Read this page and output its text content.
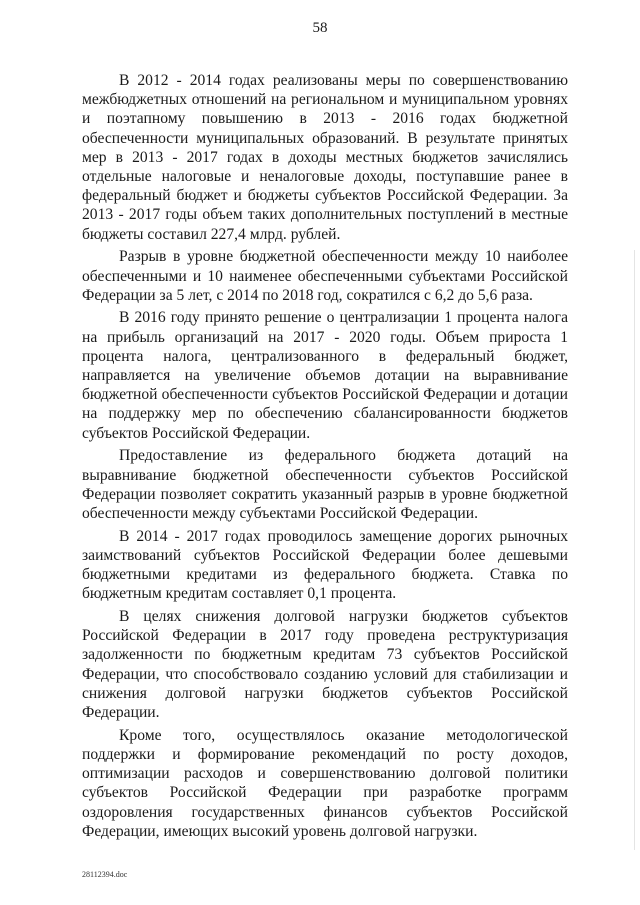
58

В 2012 - 2014 годах реализованы меры по совершенствованию межбюджетных отношений на региональном и муниципальном уровнях и поэтапному повышению в 2013 - 2016 годах бюджетной обеспеченности муниципальных образований. В результате принятых мер в 2013 - 2017 годах в доходы местных бюджетов зачислялись отдельные налоговые и неналоговые доходы, поступавшие ранее в федеральный бюджет и бюджеты субъектов Российской Федерации. За 2013 - 2017 годы объем таких дополнительных поступлений в местные бюджеты составил 227,4 млрд. рублей.

Разрыв в уровне бюджетной обеспеченности между 10 наиболее обеспеченными и 10 наименее обеспеченными субъектами Российской Федерации за 5 лет, с 2014 по 2018 год, сократился с 6,2 до 5,6 раза.

В 2016 году принято решение о централизации 1 процента налога на прибыль организаций на 2017 - 2020 годы. Объем прироста 1 процента налога, централизованного в федеральный бюджет, направляется на увеличение объемов дотации на выравнивание бюджетной обеспеченности субъектов Российской Федерации и дотации на поддержку мер по обеспечению сбалансированности бюджетов субъектов Российской Федерации.

Предоставление из федерального бюджета дотаций на выравнивание бюджетной обеспеченности субъектов Российской Федерации позволяет сократить указанный разрыв в уровне бюджетной обеспеченности между субъектами Российской Федерации.

В 2014 - 2017 годах проводилось замещение дорогих рыночных заимствований субъектов Российской Федерации более дешевыми бюджетными кредитами из федерального бюджета. Ставка по бюджетным кредитам составляет 0,1 процента.

В целях снижения долговой нагрузки бюджетов субъектов Российской Федерации в 2017 году проведена реструктуризация задолженности по бюджетным кредитам 73 субъектов Российской Федерации, что способствовало созданию условий для стабилизации и снижения долговой нагрузки бюджетов субъектов Российской Федерации.

Кроме того, осуществлялось оказание методологической поддержки и формирование рекомендаций по росту доходов, оптимизации расходов и совершенствованию долговой политики субъектов Российской Федерации при разработке программ оздоровления государственных финансов субъектов Российской Федерации, имеющих высокий уровень долговой нагрузки.

28112394.doc
